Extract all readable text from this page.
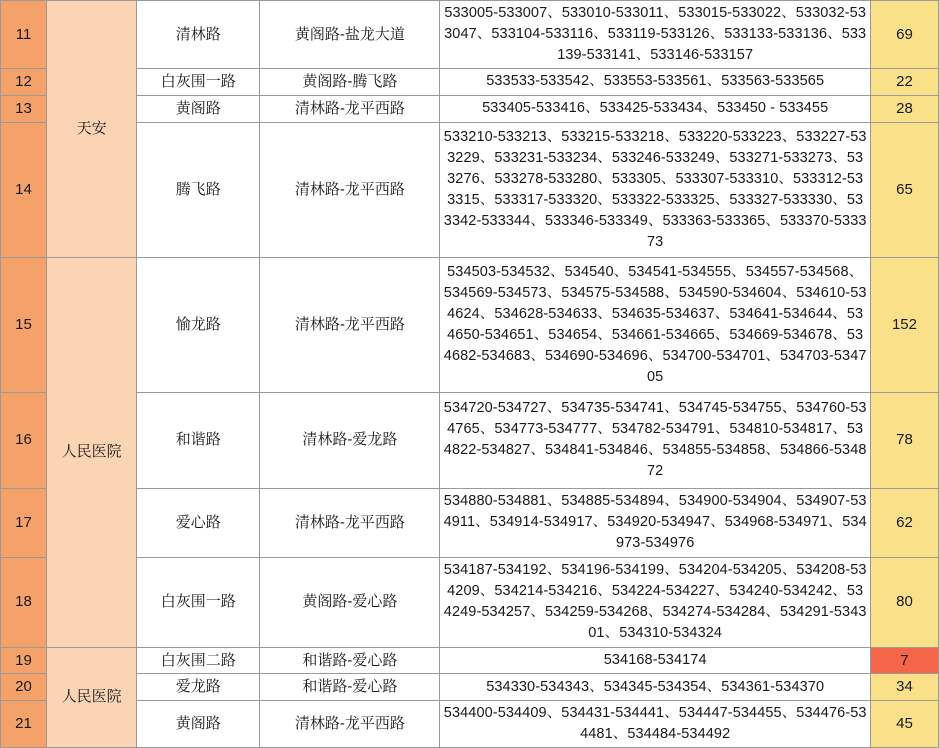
11	天安	清林路	黄阁路-盐龙大道	533005-533007、533010-533011、533015-533022、533032-533047、533104-533116、533119-533126、533133-533136、533139-533141、533146-533157	69
12		白灰围一路	黄阁路-腾飞路	533533-533542、533553-533561、533563-533565	22
13		黄阁路	清林路-龙平西路	533405-533416、533425-533434、533450 - 533455	28
14		腾飞路	清林路-龙平西路	533210-533213、533215-533218、533220-533223、533227-533229、533231-533234、533246-533249、533271-533273、533276、533278-533280、533305、533307-533310、533312-533315、533317-533320、533322-533325、533327-533330、533342-533344、533346-533349、533363-533365、533370-533373	65
15	人民医院	愉龙路	清林路-龙平西路	534503-534532、534540、534541-534555、534557-534568、534569-534573、534575-534588、534590-534604、534610-534624、534628-534633、534635-534637、534641-534644、534650-534651、534654、534661-534665、534669-534678、534682-534683、534690-534696、534700-534701、534703-534705	152
16		和谐路	清林路-爱龙路	534720-534727、534735-534741、534745-534755、534760-534765、534773-534777、534782-534791、534810-534817、534822-534827、534841-534846、534855-534858、534866-534872	78
17		爱心路	清林路-龙平西路	534880-534881、534885-534894、534900-534904、534907-534911、534914-534917、534920-534947、534968-534971、534973-534976	62
18		白灰围一路	黄阁路-爱心路	534187-534192、534196-534199、534204-534205、534208-534209、534214-534216、534224-534227、534240-534242、534249-534257、534259-534268、534274-534284、534291-534301、534310-534324	80
19	人民医院	白灰围二路	和谐路-爱心路	534168-534174	7
20		爱龙路	和谐路-爱心路	534330-534343、534345-534354、534361-534370	34
21		黄阁路	清林路-龙平西路	534400-534409、534431-534441、534447-534455、534476-534481、534484-534492	45
